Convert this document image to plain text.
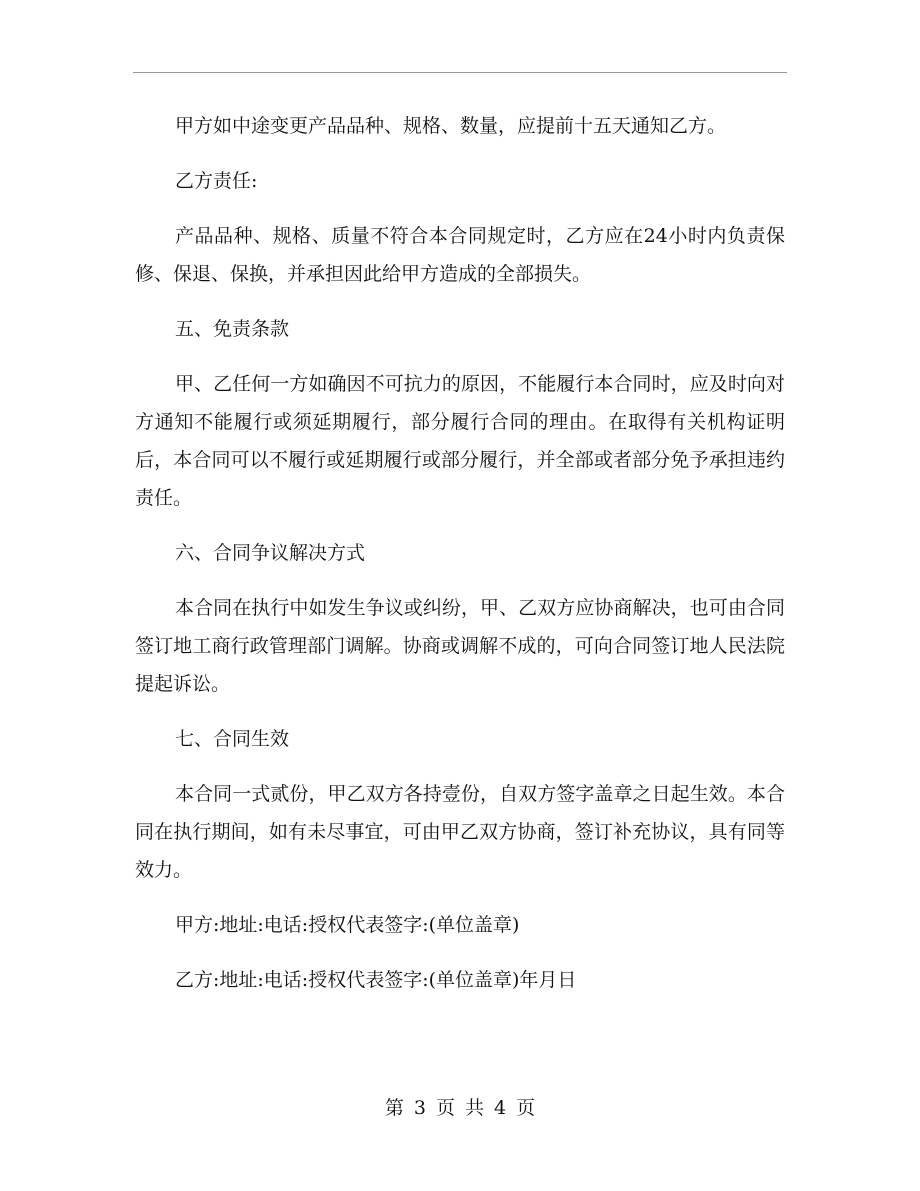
甲方如中途变更产品品种、规格、数量，应提前十五天通知乙方。

乙方责任:

产品品种、规格、质量不符合本合同规定时，乙方应在24小时内负责保修、保退、保换，并承担因此给甲方造成的全部损失。

五、免责条款

甲、乙任何一方如确因不可抗力的原因，不能履行本合同时，应及时向对方通知不能履行或须延期履行，部分履行合同的理由。在取得有关机构证明后，本合同可以不履行或延期履行或部分履行，并全部或者部分免予承担违约责任。

六、合同争议解决方式

本合同在执行中如发生争议或纠纷，甲、乙双方应协商解决，也可由合同签订地工商行政管理部门调解。协商或调解不成的，可向合同签订地人民法院提起诉讼。

七、合同生效

本合同一式贰份，甲乙双方各持壹份，自双方签字盖章之日起生效。本合同在执行期间，如有未尽事宜，可由甲乙双方协商，签订补充协议，具有同等效力。

甲方:地址:电话:授权代表签字:(单位盖章)

乙方:地址:电话:授权代表签字:(单位盖章)年月日

第 3 页 共 4 页
